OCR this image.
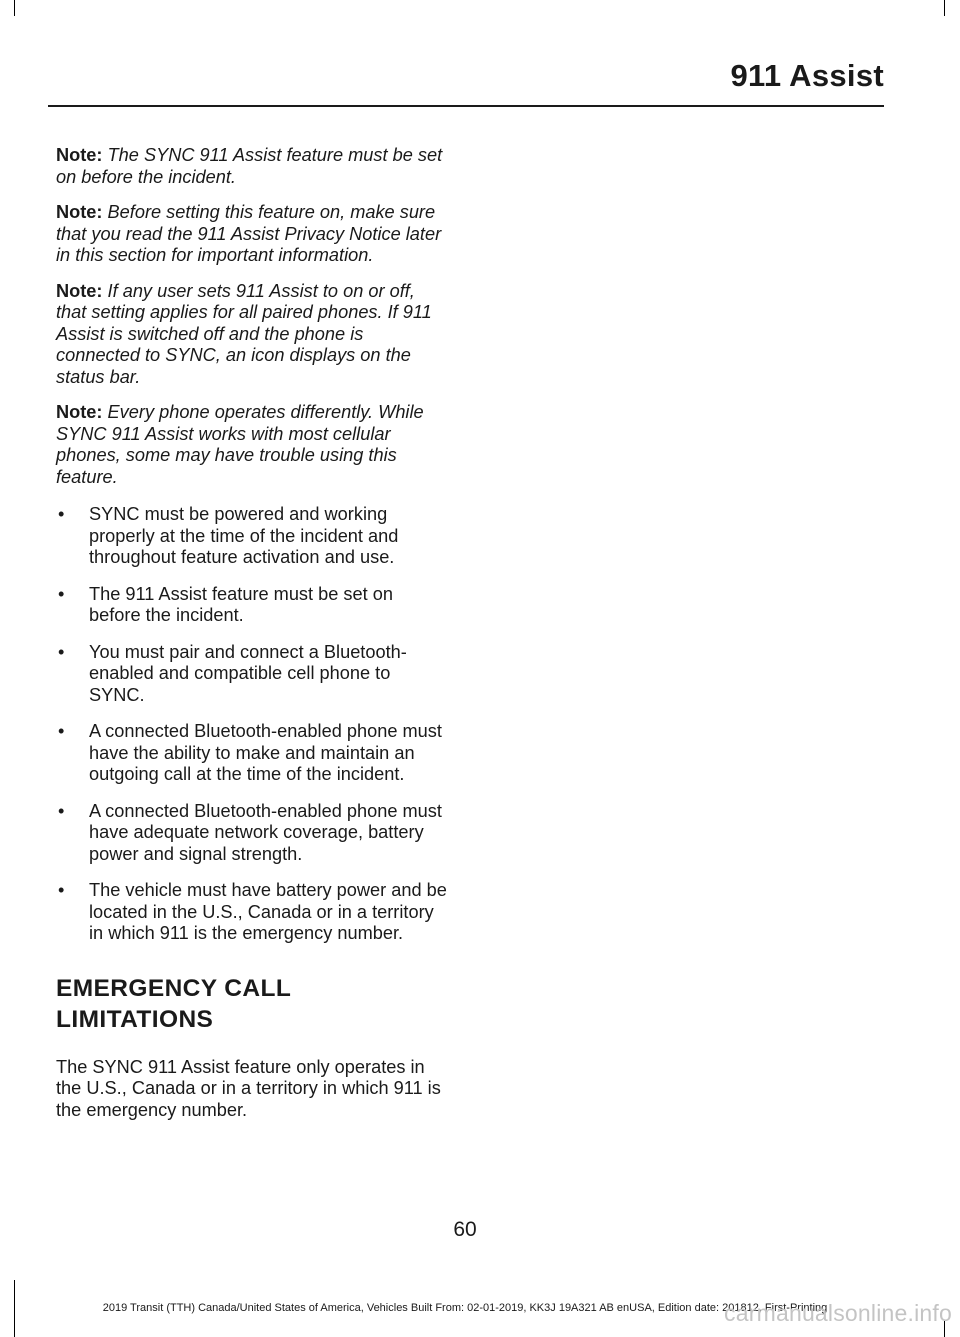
911 Assist

Note: The SYNC 911 Assist feature must be set on before the incident.

Note: Before setting this feature on, make sure that you read the 911 Assist Privacy Notice later in this section for important information.

Note: If any user sets 911 Assist to on or off, that setting applies for all paired phones. If 911 Assist is switched off and the phone is connected to SYNC, an icon displays on the status bar.

Note: Every phone operates differently. While SYNC 911 Assist works with most cellular phones, some may have trouble using this feature.

• SYNC must be powered and working properly at the time of the incident and throughout feature activation and use.
• The 911 Assist feature must be set on before the incident.
• You must pair and connect a Bluetooth-enabled and compatible cell phone to SYNC.
• A connected Bluetooth-enabled phone must have the ability to make and maintain an outgoing call at the time of the incident.
• A connected Bluetooth-enabled phone must have adequate network coverage, battery power and signal strength.
• The vehicle must have battery power and be located in the U.S., Canada or in a territory in which 911 is the emergency number.
EMERGENCY CALL
LIMITATIONS
The SYNC 911 Assist feature only operates in the U.S., Canada or in a territory in which 911 is the emergency number.
60
2019 Transit (TTH) Canada/United States of America, Vehicles Built From: 02-01-2019, KK3J 19A321 AB enUSA, Edition date: 201812, First-Printing
carmanualsonline.info
